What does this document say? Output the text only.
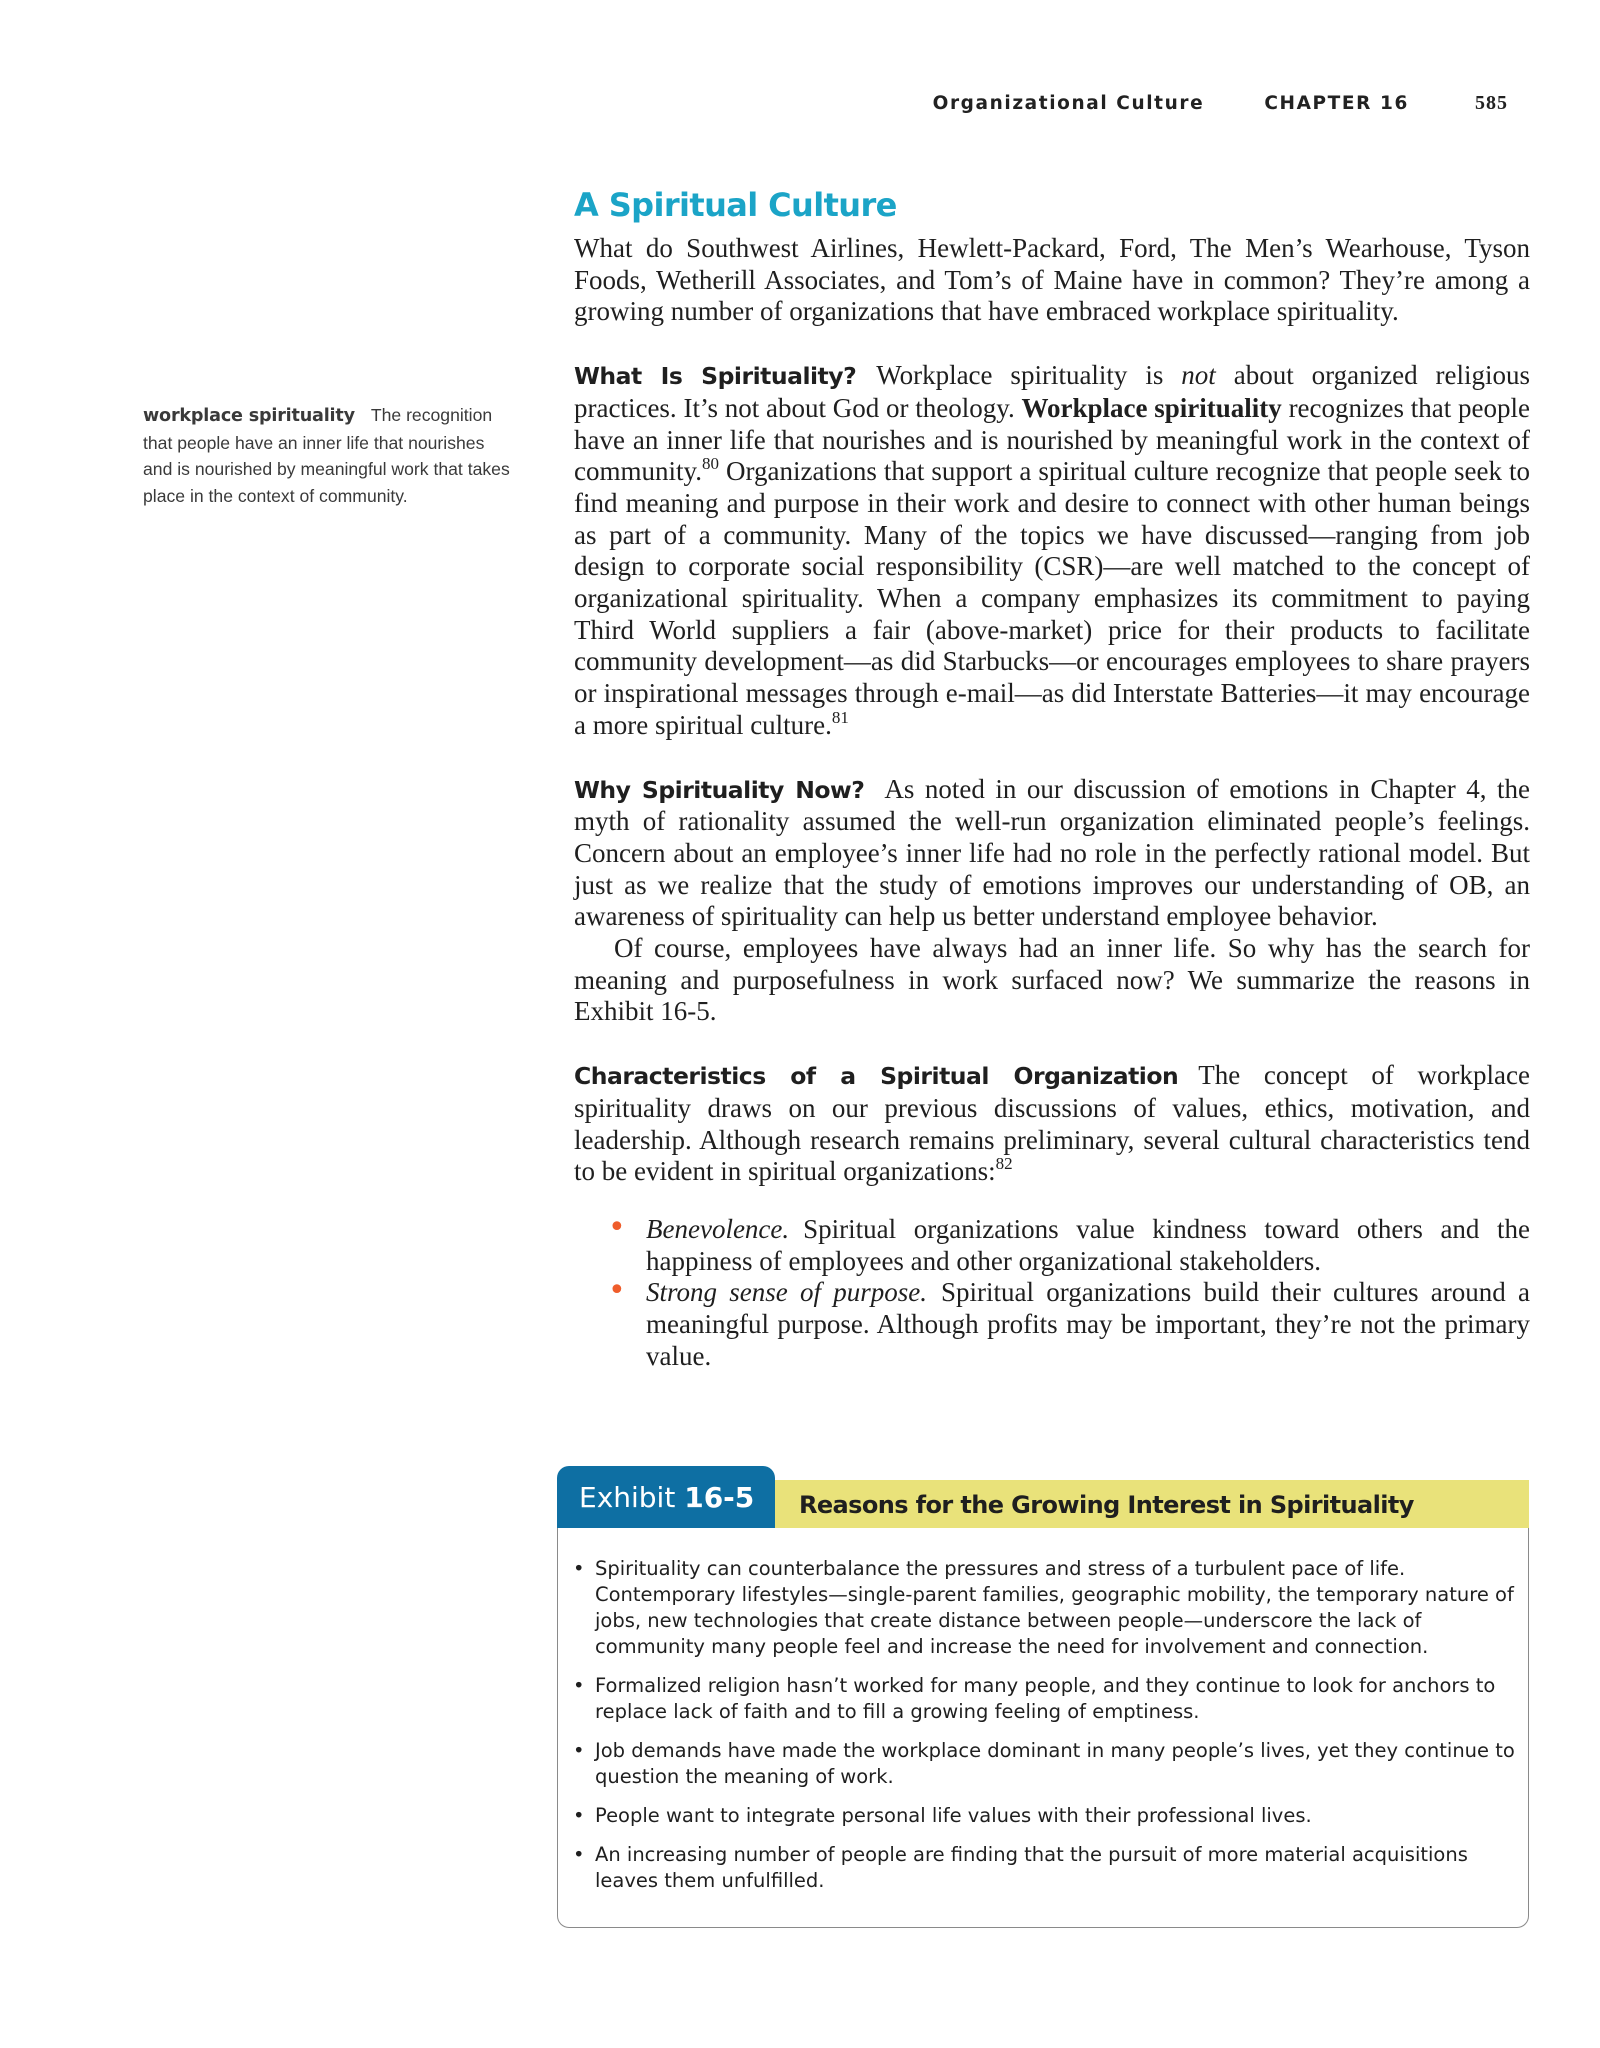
Organizational Culture	CHAPTER 16	585
workplace spirituality The recognition that people have an inner life that nourishes and is nourished by meaningful work that takes place in the context of community.
A Spiritual Culture

What do Southwest Airlines, Hewlett-Packard, Ford, The Men’s Wearhouse, Tyson Foods, Wetherill Associates, and Tom’s of Maine have in common? They’re among a growing number of organizations that have embraced workplace spirituality.

What Is Spirituality? Workplace spirituality is not about organized religious practices. It’s not about God or theology. Workplace spirituality recognizes that people have an inner life that nourishes and is nourished by meaningful work in the context of community.$^{80}$ Organizations that support a spiritual culture recognize that people seek to find meaning and purpose in their work and desire to connect with other human beings as part of a community. Many of the topics we have discussed—ranging from job design to corporate social responsibility (CSR)—are well matched to the concept of organizational spirituality. When a company emphasizes its commitment to paying Third World suppliers a fair (above-market) price for their products to facilitate community development—as did Starbucks—or encourages employees to share prayers or inspirational messages through e-mail—as did Interstate Batteries—it may encourage a more spiritual culture.$^{81}$

Why Spirituality Now? As noted in our discussion of emotions in Chapter 4, the myth of rationality assumed the well-run organization eliminated people’s feelings. Concern about an employee’s inner life had no role in the perfectly rational model. But just as we realize that the study of emotions improves our understanding of OB, an awareness of spirituality can help us better understand employee behavior.

Of course, employees have always had an inner life. So why has the search for meaning and purposefulness in work surfaced now? We summarize the reasons in Exhibit 16-5.

Characteristics of a Spiritual Organization The concept of workplace spirituality draws on our previous discussions of values, ethics, motivation, and leadership. Although research remains preliminary, several cultural characteristics tend to be evident in spiritual organizations:$^{82}$

• Benevolence. Spiritual organizations value kindness toward others and the happiness of employees and other organizational stakeholders.
• Strong sense of purpose. Spiritual organizations build their cultures around a meaningful purpose. Although profits may be important, they’re not the primary value.
Exhibit 16-5	Reasons for the Growing Interest in Spirituality
• Spirituality can counterbalance the pressures and stress of a turbulent pace of life. Contemporary lifestyles—single-parent families, geographic mobility, the temporary nature of jobs, new technologies that create distance between people—underscore the lack of community many people feel and increase the need for involvement and connection.
• Formalized religion hasn’t worked for many people, and they continue to look for anchors to replace lack of faith and to fill a growing feeling of emptiness.
• Job demands have made the workplace dominant in many people’s lives, yet they continue to question the meaning of work.
• People want to integrate personal life values with their professional lives.
• An increasing number of people are finding that the pursuit of more material acquisitions leaves them unfulfilled.
